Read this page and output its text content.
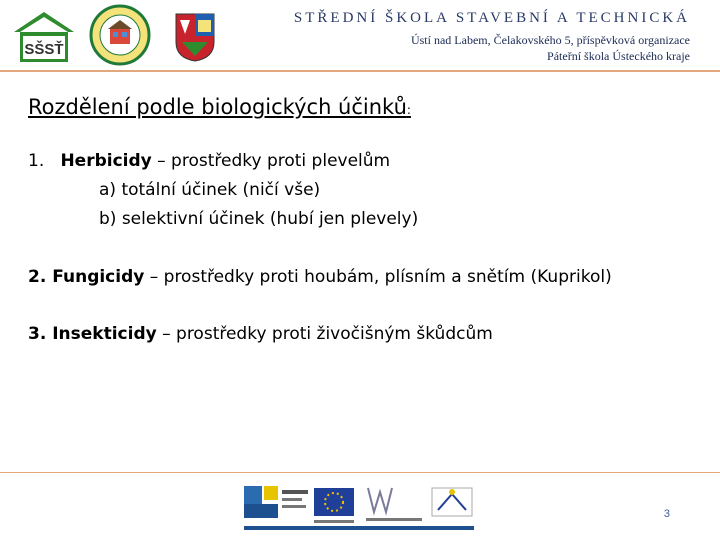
SŠSŤ
STŘEDNÍ ŠKOLA STAVEBNÍ A TECHNICKÁ
Ústí nad Labem, Čelakovského 5, příspěvková organizace
Páteřní škola Ústeckého kraje
Rozdělení podle biologických účinků:
1. Herbicidy – prostředky proti plevelům
a) totální účinek (ničí vše)
b) selektivní účinek (hubí jen plevely)
2. Fungicidy – prostředky proti houbám, plísním a snětím (Kuprikol)
3. Insekticidy – prostředky proti živočišným škůdcům
3
